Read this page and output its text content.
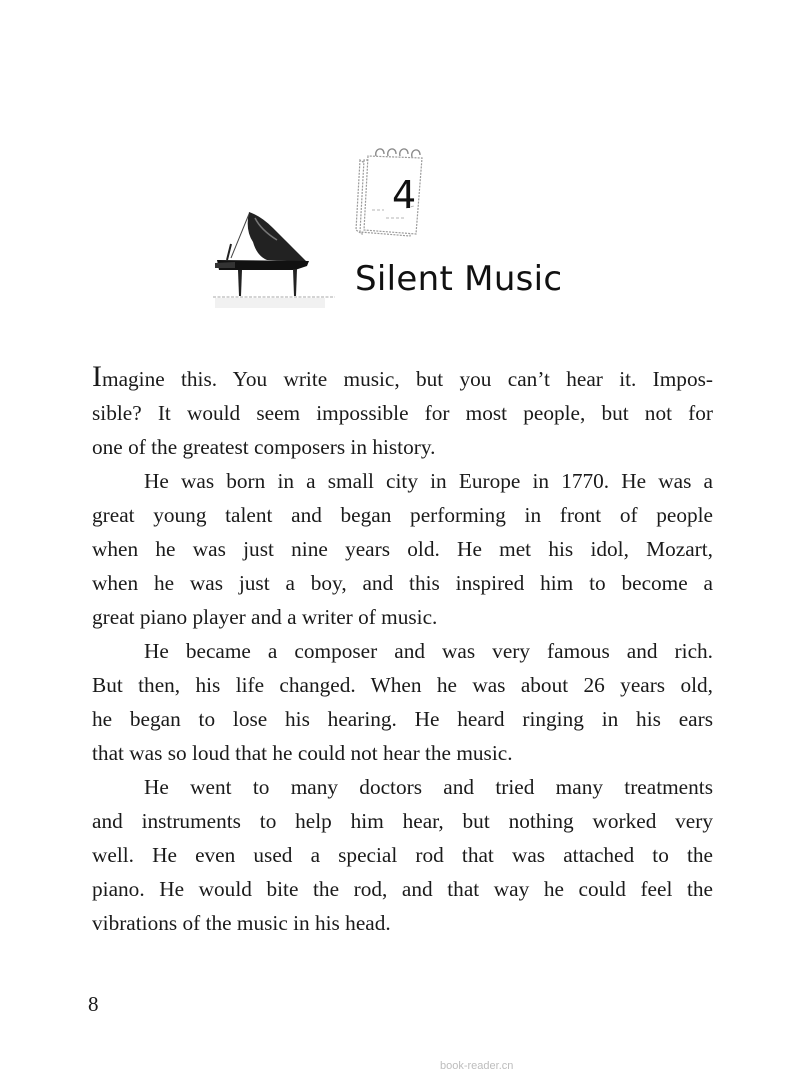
4
Silent Music

Imagine this. You write music, but you can’t hear it. Impos-
sible? It would seem impossible for most people, but not for
one of the greatest composers in history.

He was born in a small city in Europe in 1770. He was a
great young talent and began performing in front of people
when he was just nine years old. He met his idol, Mozart,
when he was just a boy, and this inspired him to become a
great piano player and a writer of music.

He became a composer and was very famous and rich.
But then, his life changed. When he was about 26 years old,
he began to lose his hearing. He heard ringing in his ears
that was so loud that he could not hear the music.

He went to many doctors and tried many treatments
and instruments to help him hear, but nothing worked very
well. He even used a special rod that was attached to the
piano. He would bite the rod, and that way he could feel the
vibrations of the music in his head.

8
book-reader.cn
